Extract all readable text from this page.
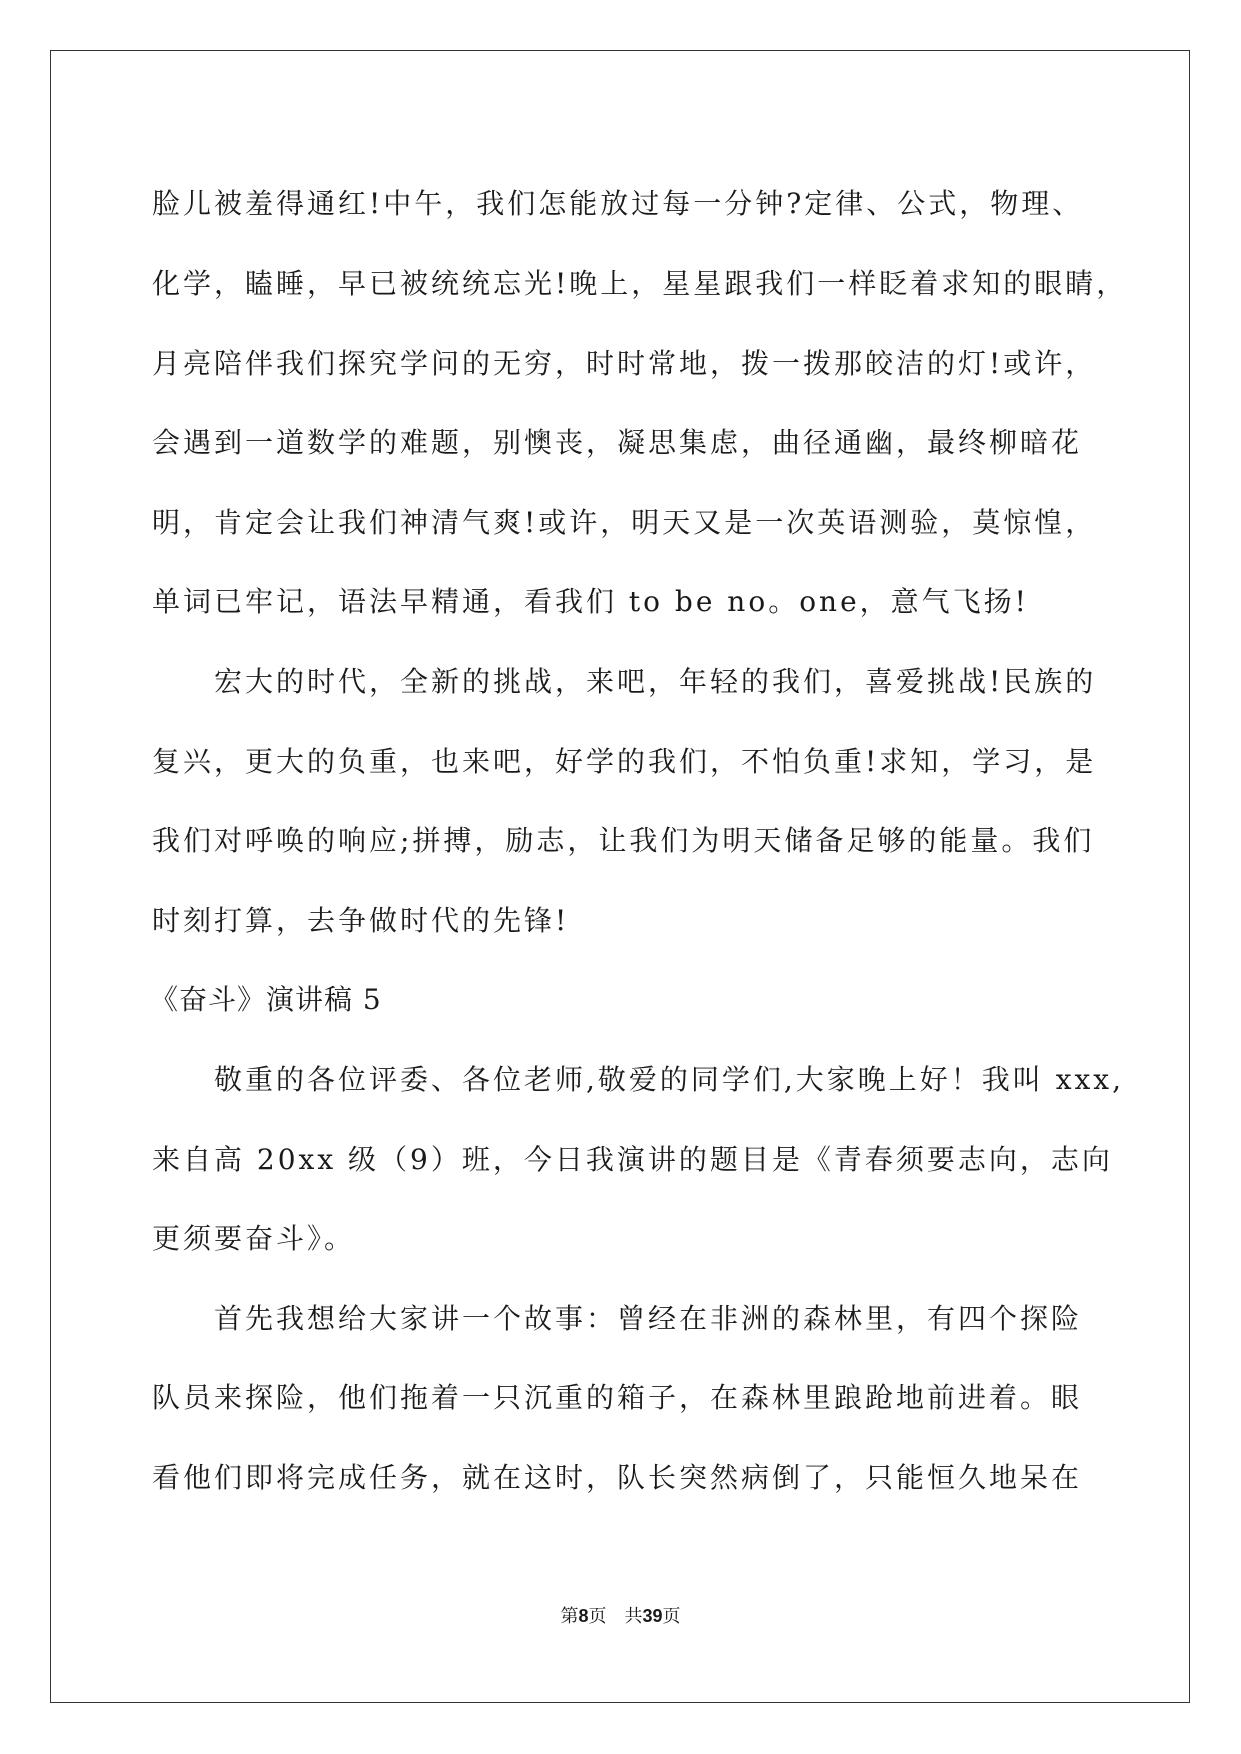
脸儿被羞得通红!中午，我们怎能放过每一分钟?定律、公式，物理、
化学，瞌睡，早已被统统忘光!晚上，星星跟我们一样眨着求知的眼睛，
月亮陪伴我们探究学问的无穷，时时常地，拨一拨那皎洁的灯!或许，
会遇到一道数学的难题，别懊丧，凝思集虑，曲径通幽，最终柳暗花
明，肯定会让我们神清气爽!或许，明天又是一次英语测验，莫惊惶，
单词已牢记，语法早精通，看我们 to be no。one，意气飞扬!
宏大的时代，全新的挑战，来吧，年轻的我们，喜爱挑战!民族的
复兴，更大的负重，也来吧，好学的我们，不怕负重!求知，学习，是
我们对呼唤的响应;拼搏，励志，让我们为明天储备足够的能量。我们
时刻打算，去争做时代的先锋!
《奋斗》演讲稿 5
敬重的各位评委、各位老师,敬爱的同学们,大家晚上好！我叫 xxx,
来自高 20xx 级（9）班，今日我演讲的题目是《青春须要志向，志向
更须要奋斗》。
首先我想给大家讲一个故事：曾经在非洲的森林里，有四个探险
队员来探险，他们拖着一只沉重的箱子，在森林里踉跄地前进着。眼
看他们即将完成任务，就在这时，队长突然病倒了，只能恒久地呆在
第8页　共39页
